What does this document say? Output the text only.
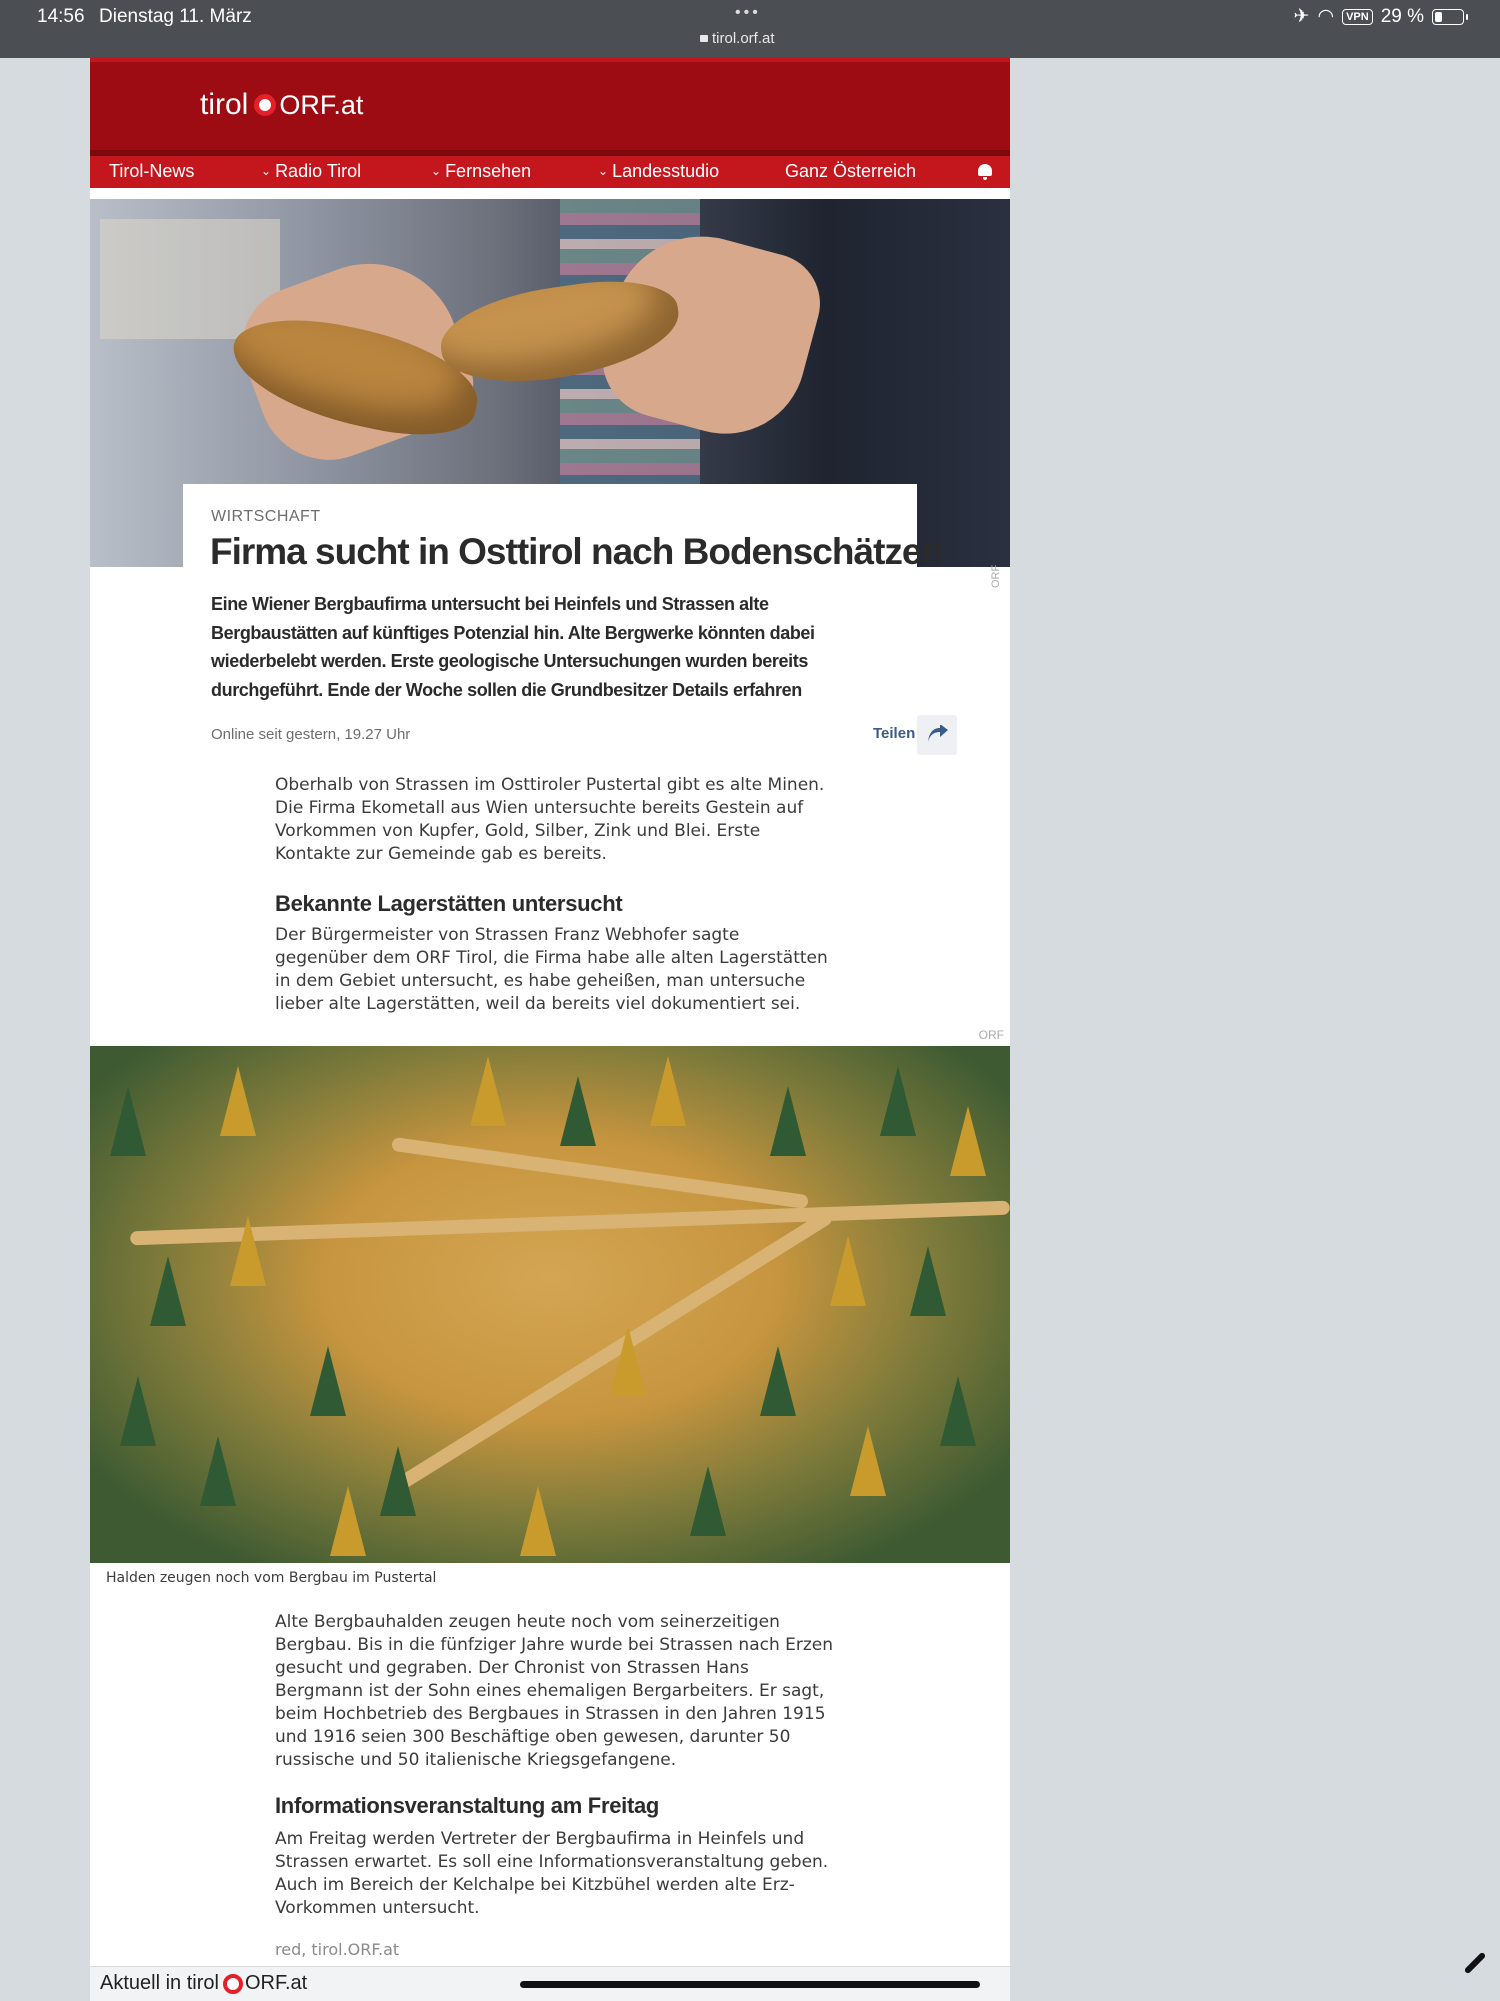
14:56 Dienstag 11. März	•••
tirol.orf.at
✈ ◠	VPN 29 %
tirol ORF.at
Tirol-News	⌄ Radio Tirol	⌄ Fernsehen	⌄ Landesstudio	Ganz Österreich
WIRTSCHAFT
Firma sucht in Osttirol nach Bodenschätzen
ORF
Eine Wiener Bergbaufirma untersucht bei Heinfels und Strassen alte Bergbaustätten auf künftiges Potenzial hin. Alte Bergwerke könnten dabei wiederbelebt werden. Erste geologische Untersuchungen wurden bereits durchgeführt. Ende der Woche sollen die Grundbesitzer Details erfahren
Online seit gestern, 19.27 Uhr	Teilen
Oberhalb von Strassen im Osttiroler Pustertal gibt es alte Minen. Die Firma Ekometall aus Wien untersuchte bereits Gestein auf Vorkommen von Kupfer, Gold, Silber, Zink und Blei. Erste Kontakte zur Gemeinde gab es bereits.
Bekannte Lagerstätten untersucht
Der Bürgermeister von Strassen Franz Webhofer sagte gegenüber dem ORF Tirol, die Firma habe alle alten Lagerstätten in dem Gebiet untersucht, es habe geheißen, man untersuche lieber alte Lagerstätten, weil da bereits viel dokumentiert sei.
ORF
Halden zeugen noch vom Bergbau im Pustertal
Alte Bergbauhalden zeugen heute noch vom seinerzeitigen Bergbau. Bis in die fünfziger Jahre wurde bei Strassen nach Erzen gesucht und gegraben. Der Chronist von Strassen Hans Bergmann ist der Sohn eines ehemaligen Bergarbeiters. Er sagt, beim Hochbetrieb des Bergbaues in Strassen in den Jahren 1915 und 1916 seien 300 Beschäftige oben gewesen, darunter 50 russische und 50 italienische Kriegsgefangene.
Informationsveranstaltung am Freitag
Am Freitag werden Vertreter der Bergbaufirma in Heinfels und Strassen erwartet. Es soll eine Informationsveranstaltung geben. Auch im Bereich der Kelchalpe bei Kitzbühel werden alte Erz-Vorkommen untersucht.
red, tirol.ORF.at
Aktuell in tirol ORF.at
